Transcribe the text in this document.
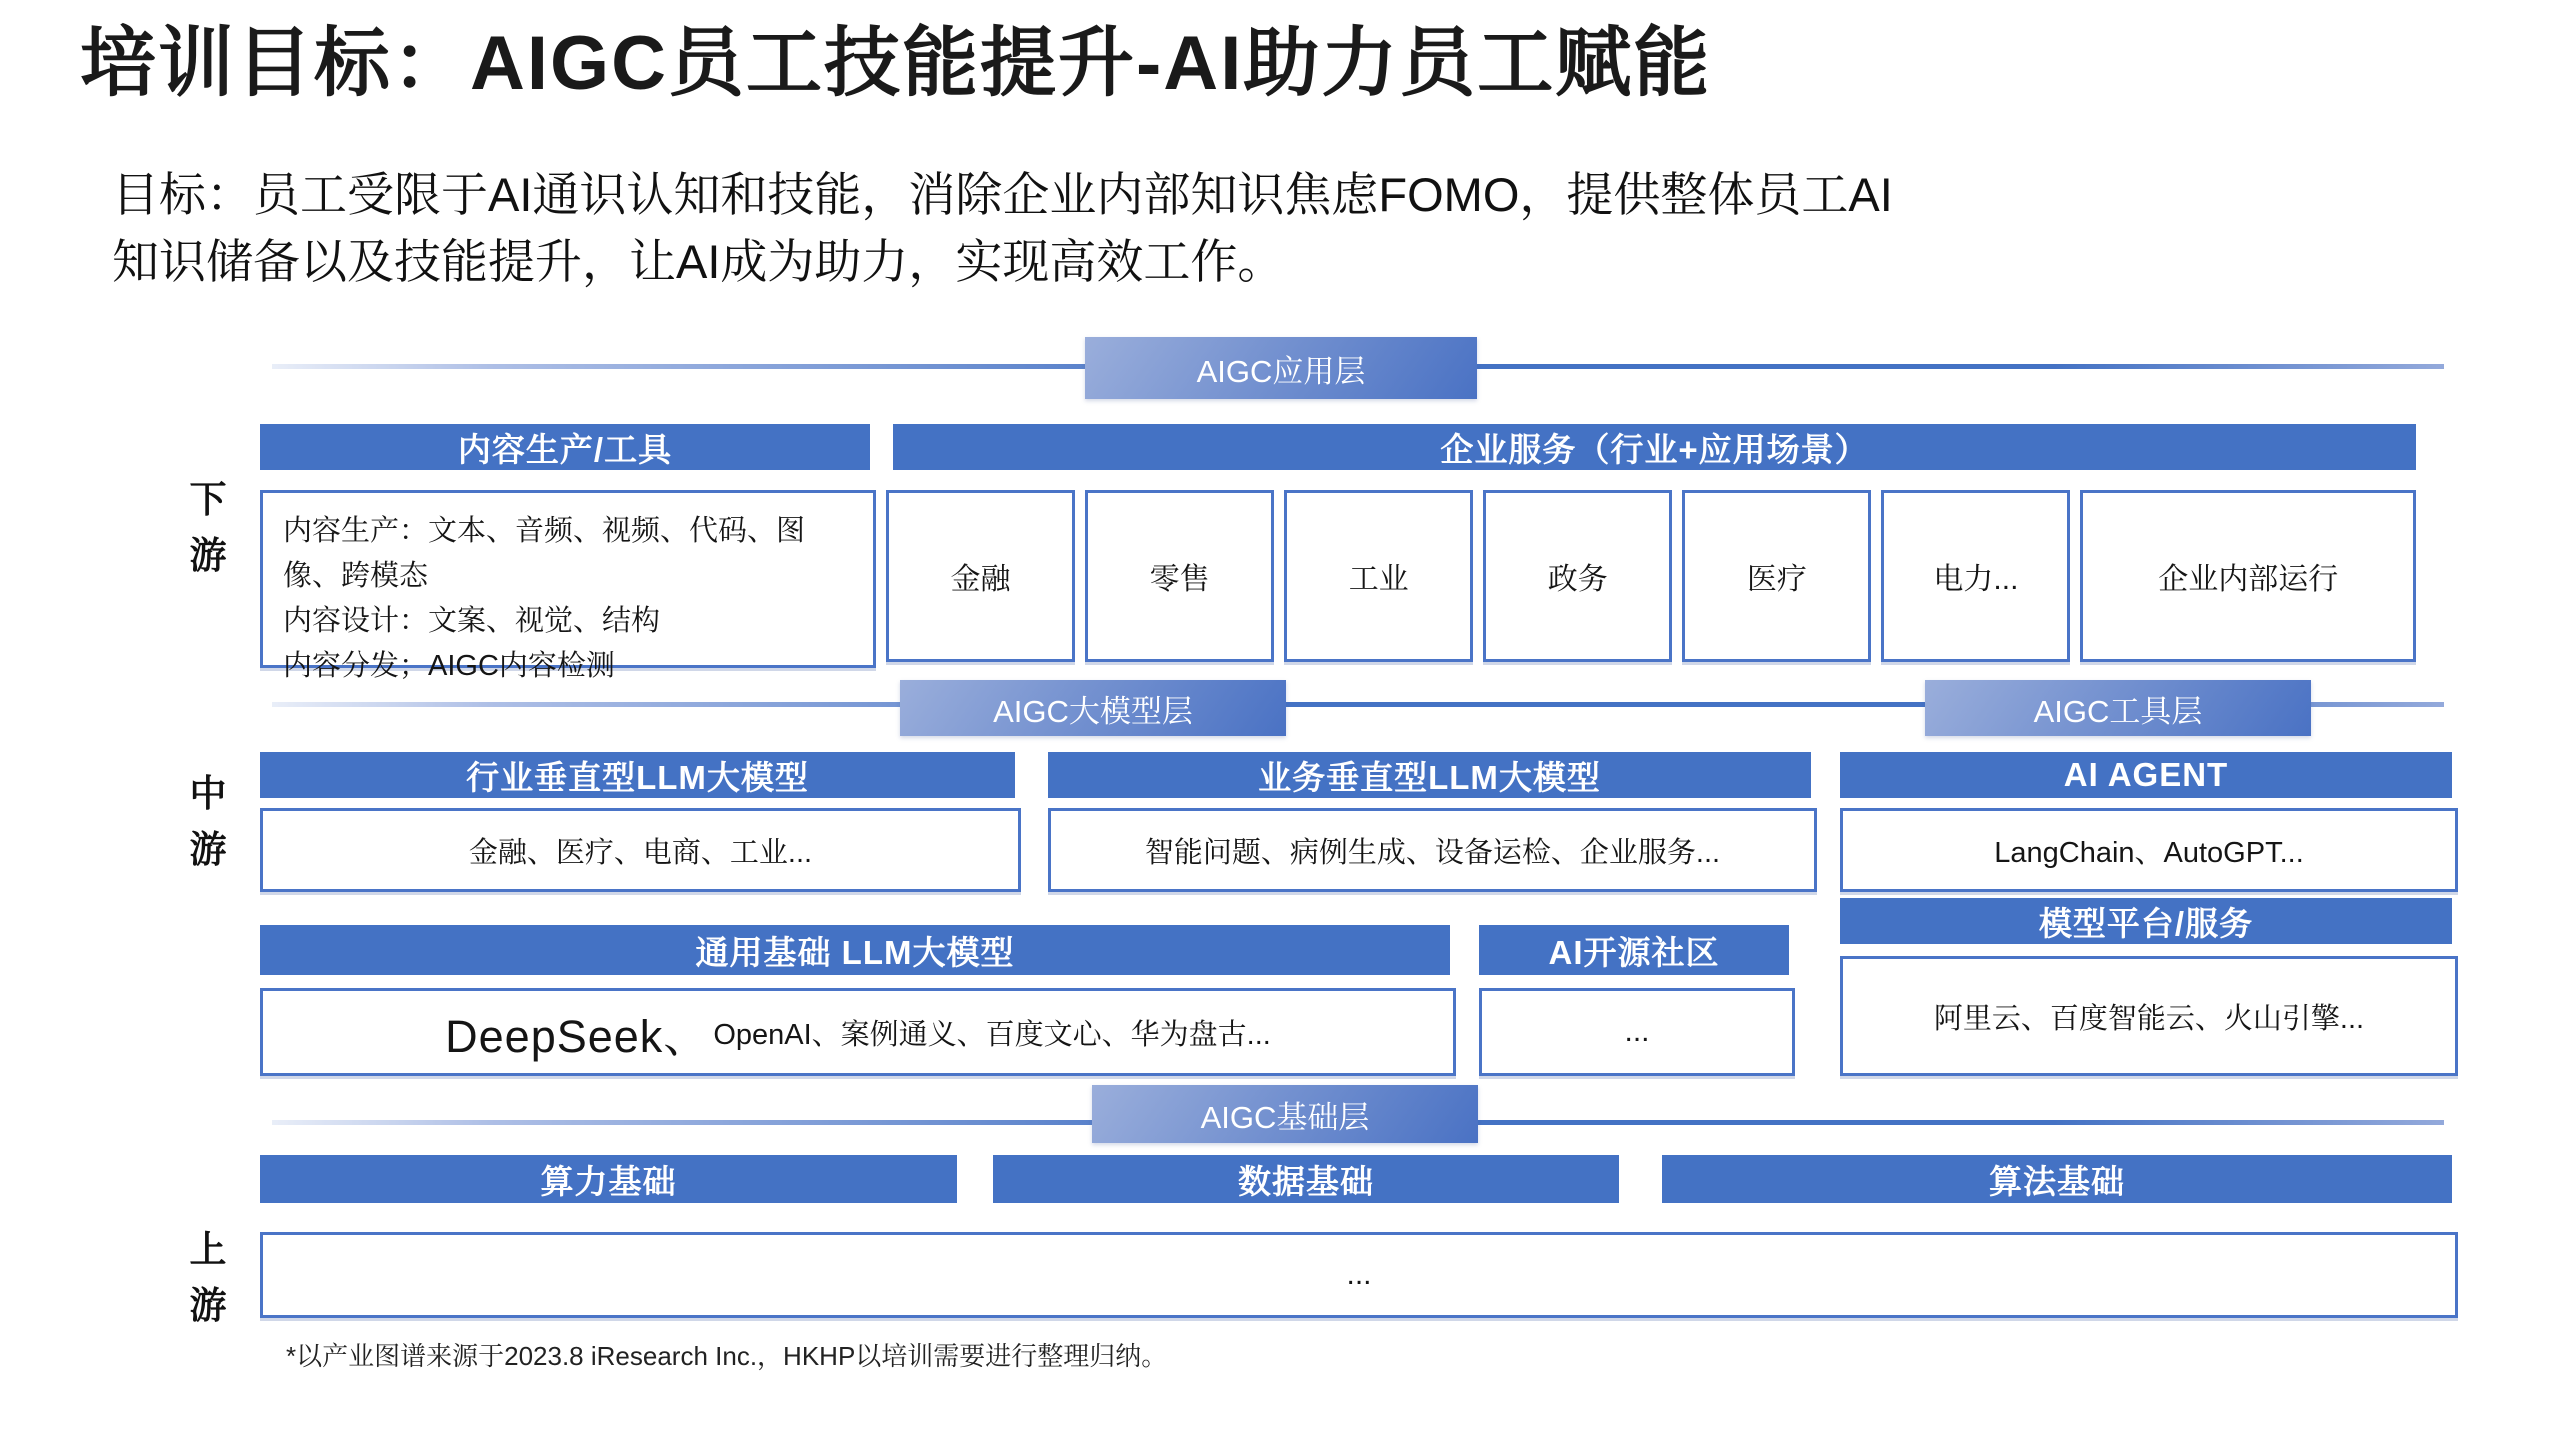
培训目标：AIGC员工技能提升-AI助力员工赋能
目标：员工受限于AI通识认知和技能，消除企业内部知识焦虑FOMO，提供整体员工AI
知识储备以及技能提升，让AI成为助力，实现高效工作。
下游
中游
上游
AIGC应用层
内容生产/工具	企业服务（行业+应用场景）
内容生产：文本、音频、视频、代码、图像、跨模态
内容设计：文案、视觉、结构
内容分发；AIGC内容检测
金融	零售	工业	政务	医疗	电力...	企业内部运行
AIGC大模型层	AIGC工具层
行业垂直型LLM大模型	业务垂直型LLM大模型	AI AGENT
金融、医疗、电商、工业...	智能问题、病例生成、设备运检、企业服务...	LangChain、AutoGPT...
模型平台/服务
通用基础 LLM大模型	AI开源社区
DeepSeek、 OpenAI、案例通义、百度文心、华为盘古...	...	阿里云、百度智能云、火山引擎...
AIGC基础层
算力基础	数据基础	算法基础
...
*以产业图谱来源于2023.8 iResearch Inc.，HKHP以培训需要进行整理归纳。
